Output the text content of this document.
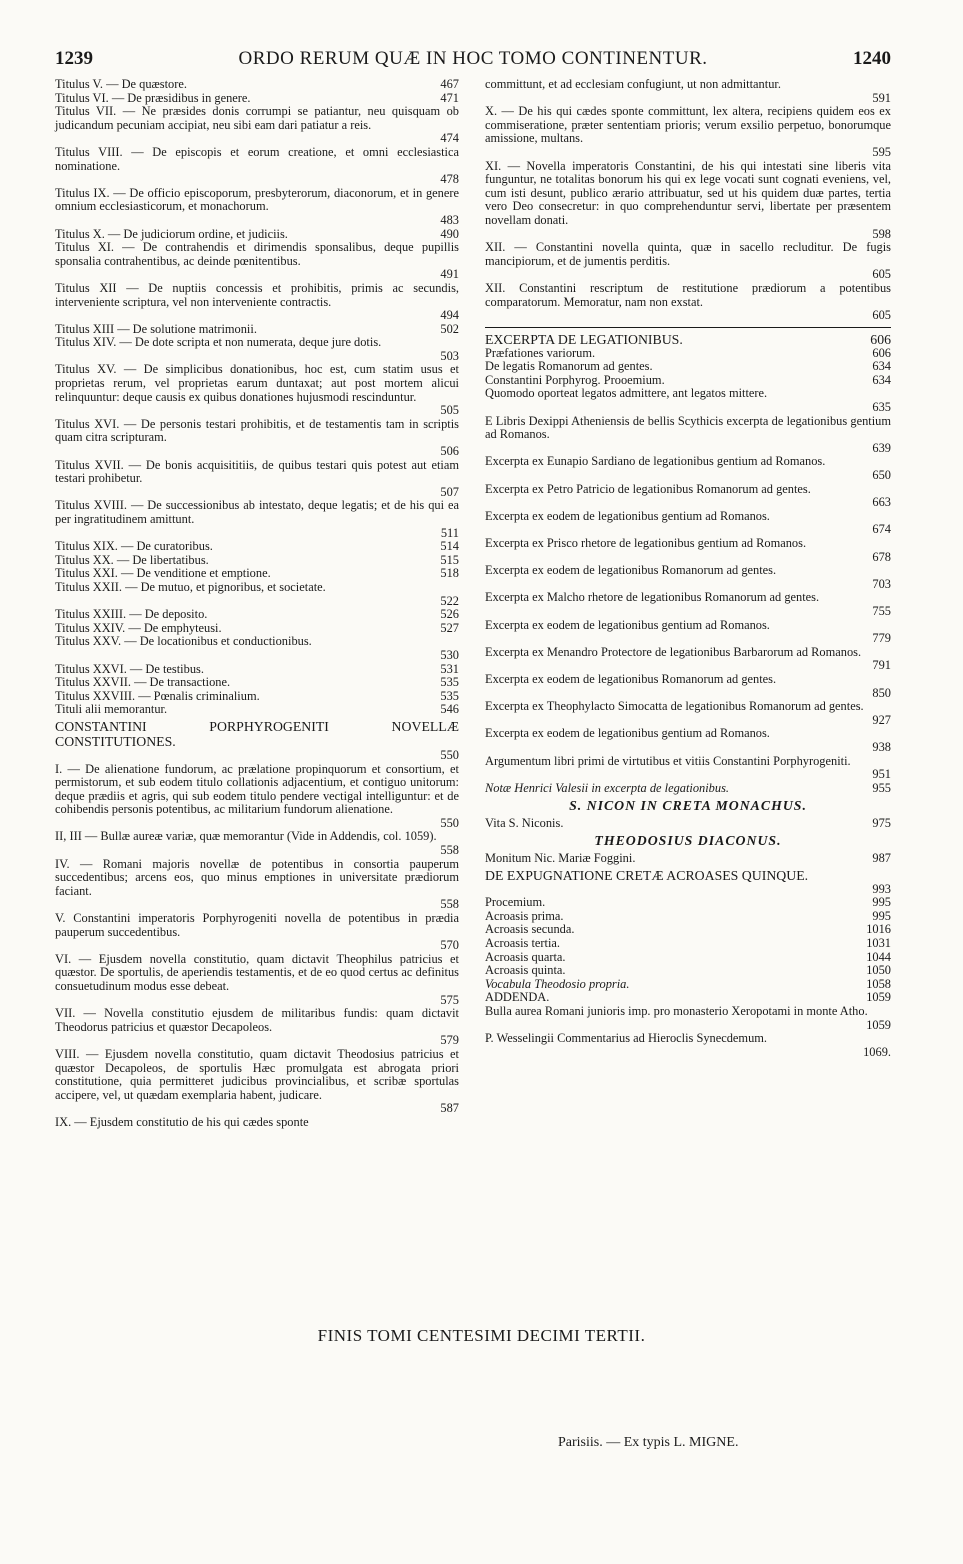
1239	ORDO RERUM QUÆ IN HOC TOMO CONTINENTUR.	1240
Titulus V. — De quæstore.	467
Titulus VI. — De præsidibus in genere.	471

Titulus VII. — Ne præsides donis corrumpi se patiantur, neu quisquam ob judicandum pecuniam accipiat, neu sibi eam dari patiatur a reis.

474

Titulus VIII. — De episcopis et eorum creatione, et omni ecclesiastica nominatione.

478

Titulus IX. — De officio episcoporum, presbyterorum, diaconorum, et in genere omnium ecclesiasticorum, et monachorum.

483

Titulus X. — De judiciorum ordine, et judiciis.	490

Titulus XI. — De contrahendis et dirimendis sponsalibus, deque pupillis sponsalia contrahentibus, ac deinde pœnitentibus.

491

Titulus XII — De nuptiis concessis et prohibitis, primis ac secundis, interveniente scriptura, vel non interveniente contractis.

494

Titulus XIII — De solutione matrimonii.	502

Titulus XIV. — De dote scripta et non numerata, deque jure dotis.

503

Titulus XV. — De simplicibus donationibus, hoc est, cum statim usus et proprietas rerum, vel proprietas earum duntaxat; aut post mortem alicui relinquuntur: deque causis ex quibus donationes hujusmodi rescinduntur.

505

Titulus XVI. — De personis testari prohibitis, et de testamentis tam in scriptis quam citra scripturam.

506

Titulus XVII. — De bonis acquisititiis, de quibus testari quis potest aut etiam testari prohibetur.

507

Titulus XVIII. — De successionibus ab intestato, deque legatis; et de his qui ea per ingratitudinem amittunt.

511

Titulus XIX. — De curatoribus.	514
Titulus XX. — De libertatibus.	515
Titulus XXI. — De venditione et emptione.	518

Titulus XXII. — De mutuo, et pignoribus, et societate.

522

Titulus XXIII. — De deposito.	526
Titulus XXIV. — De emphyteusi.	527

Titulus XXV. — De locationibus et conductionibus.

530

Titulus XXVI. — De testibus.	531
Titulus XXVII. — De transactione.	535
Titulus XXVIII. — Pœnalis criminalium.	535
Tituli alii memorantur.	546

CONSTANTINI PORPHYROGENITI NOVELLÆ CONSTITUTIONES.

550

I. — De alienatione fundorum, ac prælatione propinquorum et consortium, et permistorum, et sub eodem titulo collationis adjacentium, et contiguo unitorum: deque prædiis et agris, qui sub eodem titulo pendere vectigal intelliguntur: et de cohibendis personis potentibus, ac militarium fundorum alienatione.

550

II, III — Bullæ aureæ variæ, quæ memorantur (Vide in Addendis, col. 1059).

558

IV. — Romani majoris novellæ de potentibus in consortia pauperum succedentibus; arcens eos, quo minus emptiones in universitate prædiorum faciant.

558

V. Constantini imperatoris Porphyrogeniti novella de potentibus in prædia pauperum succedentibus.

570

VI. — Ejusdem novella constitutio, quam dictavit Theophilus patricius et quæstor. De sportulis, de aperiendis testamentis, et de eo quod certus ac definitus consuetudinum modus esse debeat.

575

VII. — Novella constitutio ejusdem de militaribus fundis: quam dictavit Theodorus patricius et quæstor Decapoleos.

579

VIII. — Ejusdem novella constitutio, quam dictavit Theodosius patricius et quæstor Decapoleos, de sportulis Hæc promulgata est abrogata priori constitutione, quia permitteret judicibus provincialibus, et scribæ sportulas accipere, vel, ut quædam exemplaria habent, judicare.

587

IX. — Ejusdem constitutio de his qui cædes sponte

committunt, et ad ecclesiam confugiunt, ut non admittantur.

591

X. — De his qui cædes sponte committunt, lex altera, recipiens quidem eos ex commiseratione, præter sententiam prioris; verum exsilio perpetuo, bonorumque amissione, multans.

595

XI. — Novella imperatoris Constantini, de his qui intestati sine liberis vita funguntur, ne totalitas bonorum his qui ex lege vocati sunt cognati eveniens, vel, cum isti desunt, publico ærario attribuatur, sed ut his quidem duæ partes, tertia vero Deo consecretur: in quo comprehenduntur servi, libertate per præsentem novellam donati.

598

XII. — Constantini novella quinta, quæ in sacello recluditur. De fugis mancipiorum, et de jumentis perditis.

605

XII. Constantini rescriptum de restitutione prædiorum a potentibus comparatorum. Memoratur, nam non exstat.

605

EXCERPTA DE LEGATIONIBUS.	606
Præfationes variorum.	606
De legatis Romanorum ad gentes.	634
Constantini Porphyrog. Prooemium.	634

Quomodo oporteat legatos admittere, ant legatos mittere.

635

E Libris Dexippi Atheniensis de bellis Scythicis excerpta de legationibus gentium ad Romanos.

639

Excerpta ex Eunapio Sardiano de legationibus gentium ad Romanos.

650

Excerpta ex Petro Patricio de legationibus Romanorum ad gentes.

663

Excerpta ex eodem de legationibus gentium ad Romanos.

674

Excerpta ex Prisco rhetore de legationibus gentium ad Romanos.

678

Excerpta ex eodem de legationibus Romanorum ad gentes.

703

Excerpta ex Malcho rhetore de legationibus Romanorum ad gentes.

755

Excerpta ex eodem de legationibus gentium ad Romanos.

779

Excerpta ex Menandro Protectore de legationibus Barbarorum ad Romanos.

791

Excerpta ex eodem de legationibus Romanorum ad gentes.

850

Excerpta ex Theophylacto Simocatta de legationibus Romanorum ad gentes.

927

Excerpta ex eodem de legationibus gentium ad Romanos.

938

Argumentum libri primi de virtutibus et vitiis Constantini Porphyrogeniti.

951

Notæ Henrici Valesii in excerpta de legationibus.	955
S. NICON IN CRETA MONACHUS.
Vita S. Niconis.	975
THEODOSIUS DIACONUS.
Monitum Nic. Mariæ Foggini.	987

DE EXPUGNATIONE CRETÆ ACROASES QUINQUE.

993

Procemium.	995
Acroasis prima.	995
Acroasis secunda.	1016
Acroasis tertia.	1031
Acroasis quarta.	1044
Acroasis quinta.	1050
Vocabula Theodosio propria.	1058
ADDENDA.	1059

Bulla aurea Romani junioris imp. pro monasterio Xeropotami in monte Atho.

1059

P. Wesselingii Commentarius ad Hieroclis Synecdemum.

1069.

FINIS TOMI CENTESIMI DECIMI TERTII.
Parisiis. — Ex typis L. MIGNE.
